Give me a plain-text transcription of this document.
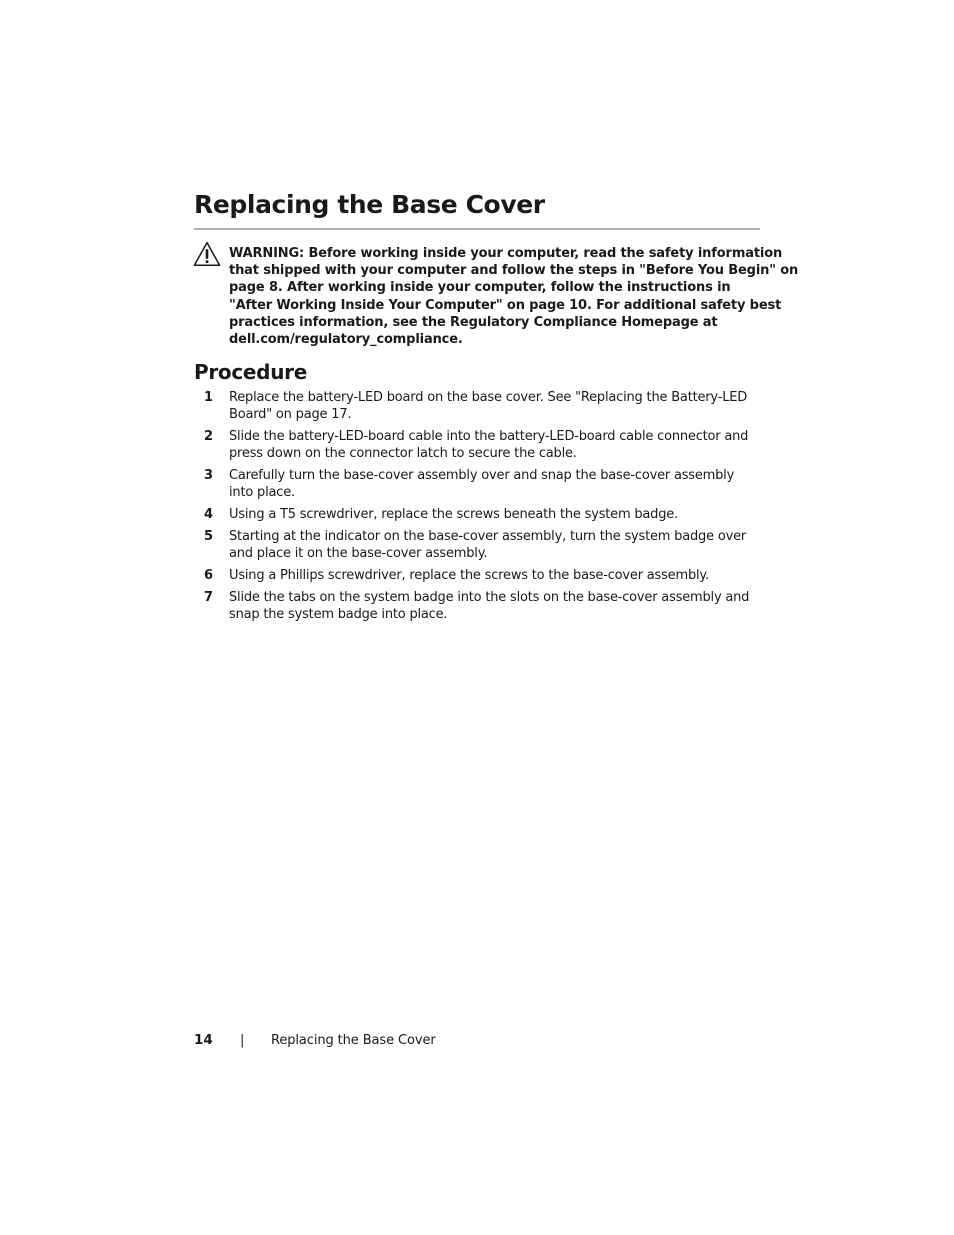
Replacing the Base Cover

WARNING: Before working inside your computer, read the safety information
that shipped with your computer and follow the steps in "Before You Begin" on
page 8. After working inside your computer, follow the instructions in
"After Working Inside Your Computer" on page 10. For additional safety best
practices information, see the Regulatory Compliance Homepage at
dell.com/regulatory_compliance.

Procedure
1 Replace the battery-LED board on the base cover. See "Replacing the Battery-LED
Board" on page 17.
2 Slide the battery-LED-board cable into the battery-LED-board cable connector and
press down on the connector latch to secure the cable.
3 Carefully turn the base-cover assembly over and snap the base-cover assembly
into place.
4 Using a T5 screwdriver, replace the screws beneath the system badge.
5 Starting at the indicator on the base-cover assembly, turn the system badge over
and place it on the base-cover assembly.
6 Using a Phillips screwdriver, replace the screws to the base-cover assembly.
7 Slide the tabs on the system badge into the slots on the base-cover assembly and
snap the system badge into place.
14 | Replacing the Base Cover
